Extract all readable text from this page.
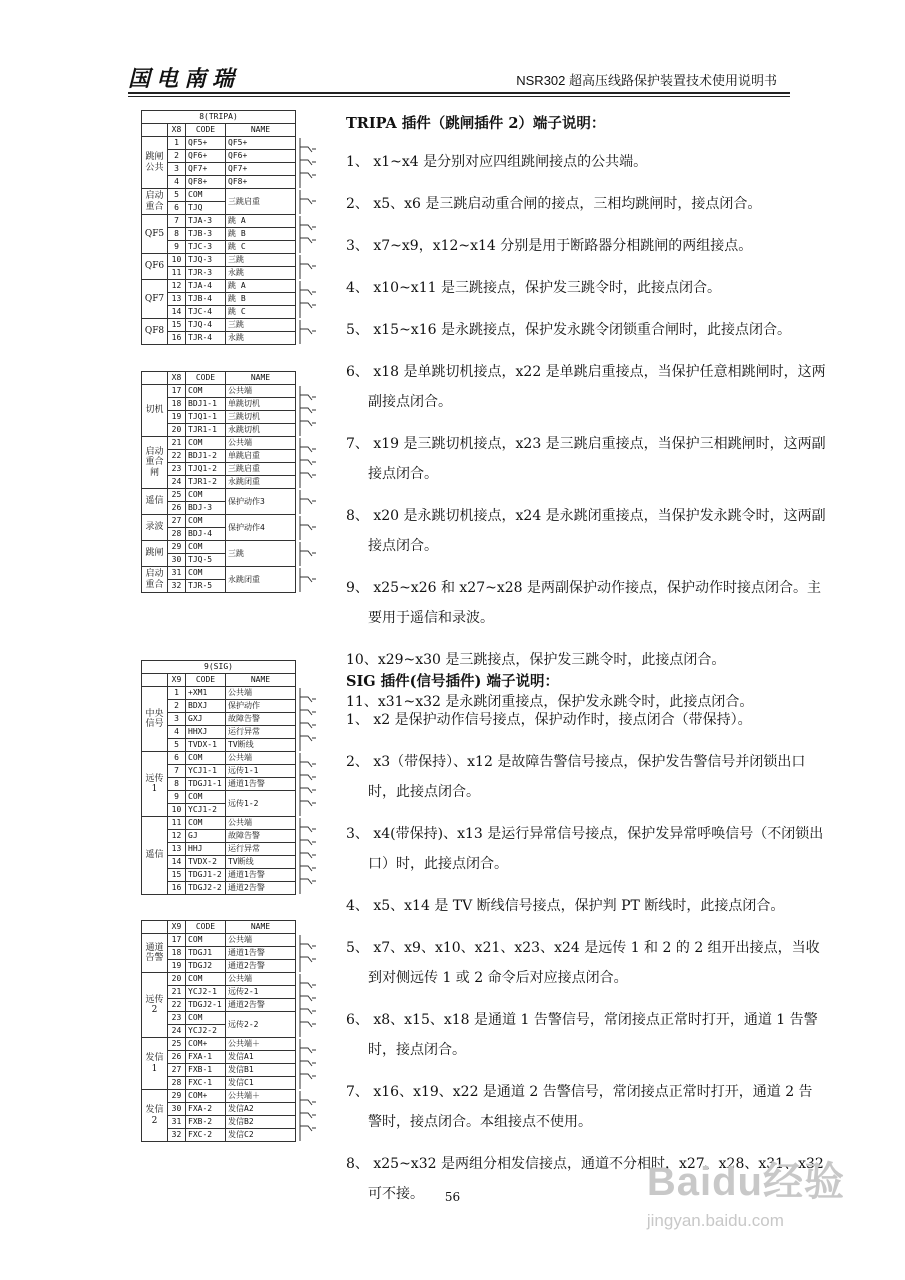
国电南瑞	NSR302 超高压线路保护装置技术使用说明书
8(TRIPA)				
	X8	CODE	NAME	
跳闸公共	1	QF5+	QF5+	

	2	QF6+	QF6+	
	3	QF7+	QF7+	
	4	QF8+	QF8+	
启动重合	5	COM	三跳启重	

	6	TJQ		
QF5	7	TJA-3	跳 A	

	8	TJB-3	跳 B	
	9	TJC-3	跳 C	
QF6	10	TJQ-3	三跳	

	11	TJR-3	永跳	
QF7	12	TJA-4	跳 A	

	13	TJB-4	跳 B	
	14	TJC-4	跳 C	
QF8	15	TJQ-4	三跳	

	16	TJR-4	永跳	
	X8	CODE	NAME	
切机	17	COM	公共端	

	18	BDJ1-1	单跳切机	
	19	TJQ1-1	三跳切机	
	20	TJR1-1	永跳切机	
启动重合闸	21	COM	公共端	

	22	BDJ1-2	单跳启重	
	23	TJQ1-2	三跳启重	
	24	TJR1-2	永跳闭重	
遥信	25	COM	保护动作3	

	26	BDJ-3		
录波	27	COM	保护动作4	

	28	BDJ-4		
跳闸	29	COM	三跳	

	30	TJQ-5		
启动重合	31	COM	永跳闭重	

	32	TJR-5		
9(SIG)				
	X9	CODE	NAME	
中央信号	1	+XM1	公共端	

	2	BDXJ	保护动作	
	3	GXJ	故障告警	
	4	HHXJ	运行异常	
	5	TVDX-1	TV断线	
远传1	6	COM	公共端	

	7	YCJ1-1	远传1-1	
	8	TDGJ1-1	通道1告警	
	9	COM	远传1-2	
	10	YCJ1-2		
遥信	11	COM	公共端	

	12	GJ	故障告警	
	13	HHJ	运行异常	
	14	TVDX-2	TV断线	
	15	TDGJ1-2	通道1告警	
	16	TDGJ2-2	通道2告警	
	X9	CODE	NAME	
通道告警	17	COM	公共端	

	18	TDGJ1	通道1告警	
	19	TDGJ2	通道2告警	
远传2	20	COM	公共端	

	21	YCJ2-1	远传2-1	
	22	TDGJ2-1	通道2告警	
	23	COM	远传2-2	
	24	YCJ2-2		
发信1	25	COM+	公共端＋	

	26	FXA-1	发信A1	
	27	FXB-1	发信B1	
	28	FXC-1	发信C1	
发信2	29	COM+	公共端＋	

	30	FXA-2	发信A2	
	31	FXB-2	发信B2	
	32	FXC-2	发信C2	
TRIPA 插件（跳闸插件 2）端子说明：

1、 x1~x4 是分别对应四组跳闸接点的公共端。

2、 x5、x6 是三跳启动重合闸的接点，三相均跳闸时，接点闭合。

3、 x7~x9，x12~x14 分别是用于断路器分相跳闸的两组接点。

4、 x10~x11 是三跳接点，保护发三跳令时，此接点闭合。

5、 x15~x16 是永跳接点，保护发永跳令闭锁重合闸时，此接点闭合。

6、 x18 是单跳切机接点，x22 是单跳启重接点，当保护任意相跳闸时，这两副接点闭合。

7、 x19 是三跳切机接点，x23 是三跳启重接点，当保护三相跳闸时，这两副接点闭合。

8、 x20 是永跳切机接点，x24 是永跳闭重接点，当保护发永跳令时，这两副接点闭合。

9、 x25~x26 和 x27~x28 是两副保护动作接点，保护动作时接点闭合。主要用于遥信和录波。

10、x29~x30 是三跳接点，保护发三跳令时，此接点闭合。

11、x31~x32 是永跳闭重接点，保护发永跳令时，此接点闭合。

SIG 插件(信号插件) 端子说明：

1、 x2 是保护动作信号接点，保护动作时，接点闭合（带保持）。

2、 x3（带保持）、x12 是故障告警信号接点，保护发告警信号并闭锁出口时，此接点闭合。

3、 x4(带保持)、x13 是运行异常信号接点，保护发异常呼唤信号（不闭锁出口）时，此接点闭合。

4、 x5、x14 是 TV 断线信号接点，保护判 PT 断线时，此接点闭合。

5、 x7、x9、x10、x21、x23、x24 是远传 1 和 2 的 2 组开出接点，当收到对侧远传 1 或 2 命令后对应接点闭合。

6、 x8、x15、x18 是通道 1 告警信号，常闭接点正常时打开，通道 1 告警时，接点闭合。

7、 x16、x19、x22 是通道 2 告警信号，常闭接点正常时打开，通道 2 告警时，接点闭合。本组接点不使用。

8、 x25~x32 是两组分相发信接点，通道不分相时，x27、x28、x31、x32 可不接。	56	Baidu经验
jingyan.baidu.com
